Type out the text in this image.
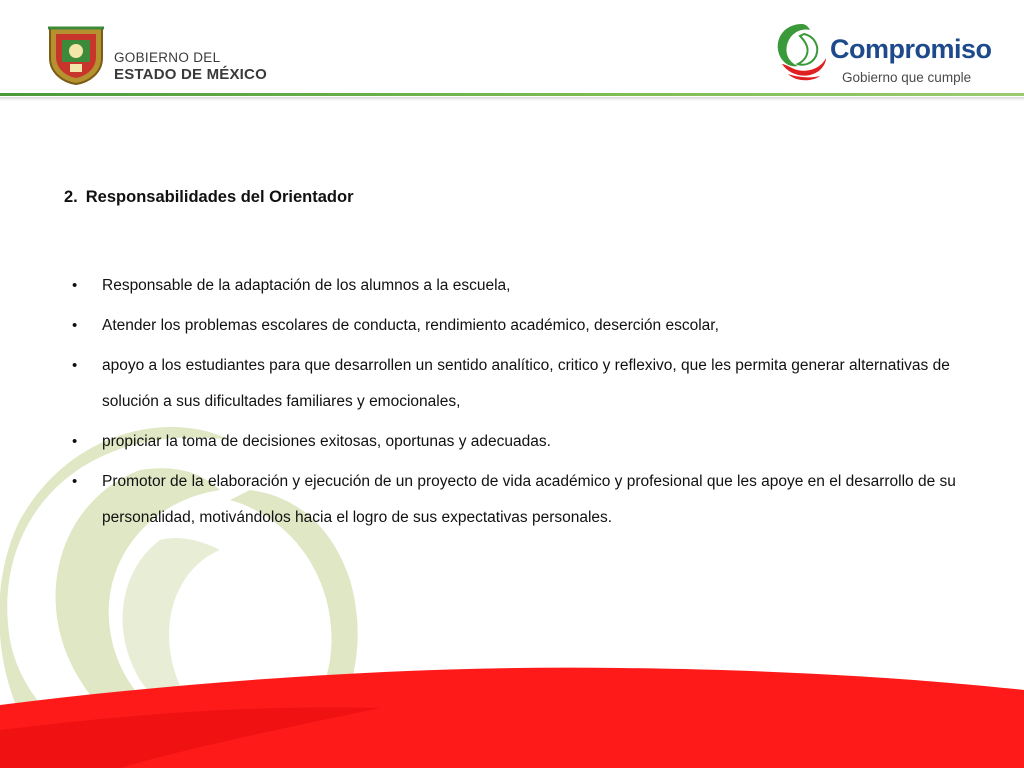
GOBIERNO DEL
ESTADO DE MÉXICO
Compromiso
Gobierno que cumple
2. Responsabilidades del Orientador
• Responsable de la adaptación de los alumnos a la escuela,
• Atender los problemas escolares de conducta, rendimiento académico, deserción escolar,
• apoyo a los estudiantes para que desarrollen un sentido analítico, critico y reflexivo, que les permita generar alternativas de solución a sus dificultades familiares y emocionales,
• propiciar la toma de decisiones exitosas, oportunas y adecuadas.
• Promotor de la elaboración y ejecución de un proyecto de vida académico y profesional que les apoye en el desarrollo de su personalidad, motivándolos hacia el logro de sus expectativas personales.
